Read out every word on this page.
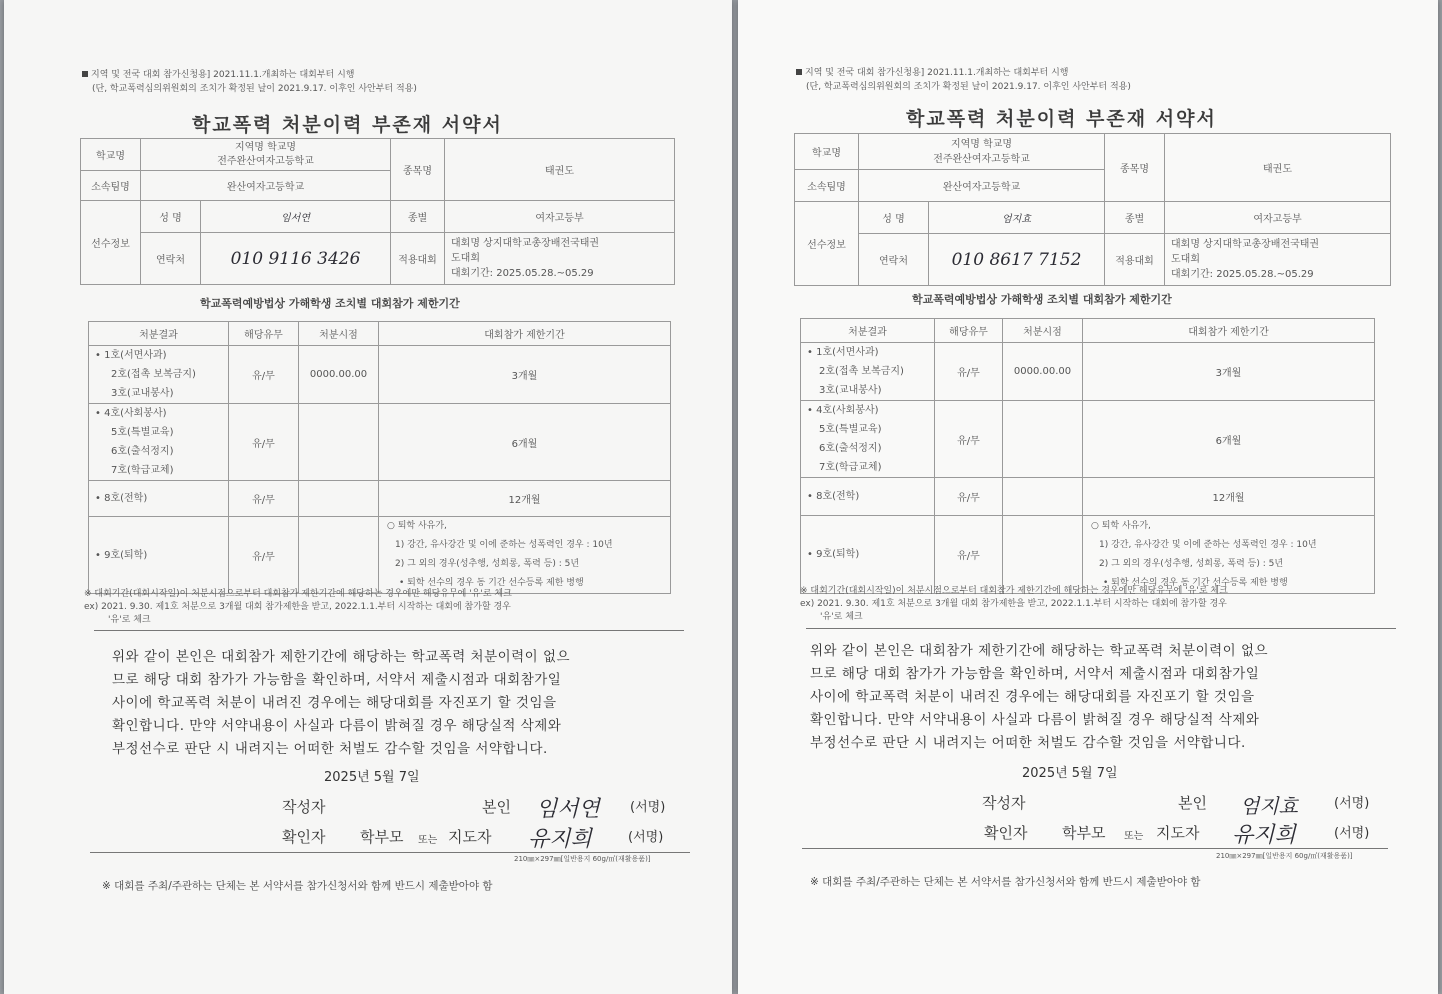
지역 및 전국 대회 참가신청용] 2021.11.1.개최하는 대회부터 시행
(단, 학교폭력심의위원회의 조치가 확정된 날이 2021.9.17. 이후인 사안부터 적용)
학교폭력 처분이력 부존재 서약서
학교명	지역명 학교명
전주완산여자고등학교		종목명	태권도
소속팀명	완산여자고등학교			
선수정보	성 명	임서연	종별	여자고등부
	연락처	010 9116 3426	적용대회	대회명 상지대학교총장배전국태권
도대회
대회기간: 2025.05.28.~05.29
학교폭력예방법상 가해학생 조치별 대회참가 제한기간
처분결과	해당유무	처분시점	대회참가 제한기간

• 1호(서면사과)
2호(접촉 보복금지)
3호(교내봉사)	유/무	0000.00.00	3개월

• 4호(사회봉사)
5호(특별교육)
6호(출석정지)
7호(학급교체)	유/무		6개월
• 8호(전학)	유/무		12개월
• 9호(퇴학)	유/무		○ 퇴학 사유가,
1) 강간, 유사강간 및 이에 준하는 성폭력인 경우 : 10년
2) 그 외의 경우(성추행, 성희롱, 폭력 등) : 5년
• 퇴학 선수의 경우 동 기간 선수등록 제한 병행
※ 대회기간(대회시작일)이 처분시점으로부터 대회참가 제한기간에 해당하는 경우에만 해당유무에 '유'로 체크
ex) 2021. 9.30. 제1호 처분으로 3개월 대회 참가제한을 받고, 2022.1.1.부터 시작하는 대회에 참가할 경우
'유'로 체크
위와 같이 본인은 대회참가 제한기간에 해당하는 학교폭력 처분이력이 없으
므로 해당 대회 참가가 가능함을 확인하며, 서약서 제출시점과 대회참가일
사이에 학교폭력 처분이 내려진 경우에는 해당대회를 자진포기 할 것임을
확인합니다. 만약 서약내용이 사실과 다름이 밝혀질 경우 해당실적 삭제와
부정선수로 판단 시 내려지는 어떠한 처벌도 감수할 것임을 서약합니다.
2025년 5월 7일
작성자	본인 임서연 (서명)
확인자 학부모 또는 지도자 유지희	(서명)
210㎜×297㎜[일반용지 60g/㎡(재활용품)]
※ 대회를 주최/주관하는 단체는 본 서약서를 참가신청서와 함께 반드시 제출받아야 함
지역 및 전국 대회 참가신청용] 2021.11.1.개최하는 대회부터 시행
(단, 학교폭력심의위원회의 조치가 확정된 날이 2021.9.17. 이후인 사안부터 적용)
학교폭력 처분이력 부존재 서약서
학교명	지역명 학교명
전주완산여자고등학교		종목명	태권도
소속팀명	완산여자고등학교			
선수정보	성 명	엄지효	종별	여자고등부
	연락처	010 8617 7152	적용대회	대회명 상지대학교총장배전국태권
도대회
대회기간: 2025.05.28.~05.29
학교폭력예방법상 가해학생 조치별 대회참가 제한기간
처분결과	해당유무	처분시점	대회참가 제한기간

• 1호(서면사과)
2호(접촉 보복금지)
3호(교내봉사)	유/무	0000.00.00	3개월

• 4호(사회봉사)
5호(특별교육)
6호(출석정지)
7호(학급교체)	유/무		6개월
• 8호(전학)	유/무		12개월
• 9호(퇴학)	유/무		○ 퇴학 사유가,
1) 강간, 유사강간 및 이에 준하는 성폭력인 경우 : 10년
2) 그 외의 경우(성추행, 성희롱, 폭력 등) : 5년
• 퇴학 선수의 경우 동 기간 선수등록 제한 병행
※ 대회기간(대회시작일)이 처분시점으로부터 대회참가 제한기간에 해당하는 경우에만 해당유무에 '유'로 체크
ex) 2021. 9.30. 제1호 처분으로 3개월 대회 참가제한을 받고, 2022.1.1.부터 시작하는 대회에 참가할 경우
'유'로 체크
위와 같이 본인은 대회참가 제한기간에 해당하는 학교폭력 처분이력이 없으
므로 해당 대회 참가가 가능함을 확인하며, 서약서 제출시점과 대회참가일
사이에 학교폭력 처분이 내려진 경우에는 해당대회를 자진포기 할 것임을
확인합니다. 만약 서약내용이 사실과 다름이 밝혀질 경우 해당실적 삭제와
부정선수로 판단 시 내려지는 어떠한 처벌도 감수할 것임을 서약합니다.
2025년 5월 7일
작성자	본인 엄지효	(서명)
확인자 학부모 또는 지도자 유지희	(서명)
210㎜×297㎜[일반용지 60g/㎡(재활용품)]
※ 대회를 주최/주관하는 단체는 본 서약서를 참가신청서와 함께 반드시 제출받아야 함
